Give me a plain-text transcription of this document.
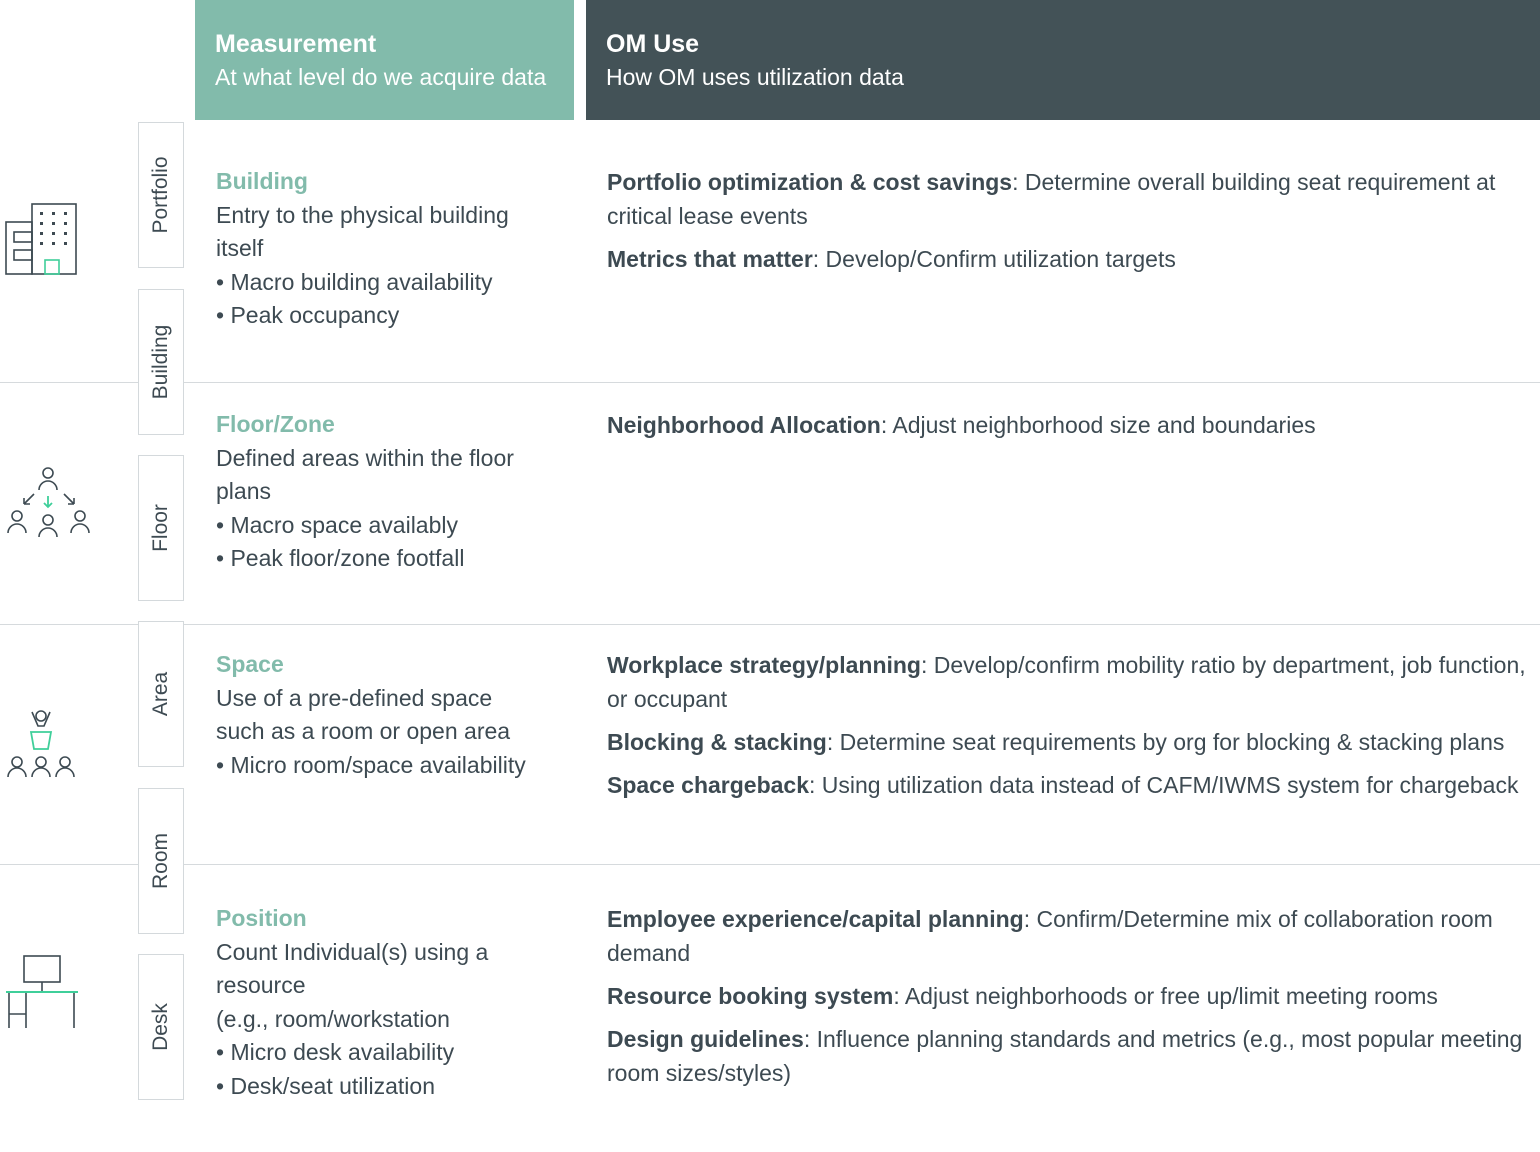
Measurement
At what level do we acquire data
OM Use
How OM uses utilization data
Portfolio
Building
Floor
Area
Room
Desk
Building
Entry to the physical building
itself
• Macro building availability
• Peak occupancy
Floor/Zone
Defined areas within the floor
plans
• Macro space availably
• Peak floor/zone footfall
Space
Use of a pre-defined space
such as a room or open area
• Micro room/space availability
Position
Count Individual(s) using a
resource
(e.g., room/workstation
• Micro desk availability
• Desk/seat utilization
Portfolio optimization & cost savings: Determine overall building seat requirement at critical lease events
Metrics that matter: Develop/Confirm utilization targets
Neighborhood Allocation: Adjust neighborhood size and boundaries
Workplace strategy/planning: Develop/confirm mobility ratio by department, job function, or occupant
Blocking & stacking: Determine seat requirements by org for blocking & stacking plans
Space chargeback: Using utilization data instead of CAFM/IWMS system for chargeback
Employee experience/capital planning: Confirm/Determine mix of collaboration room demand
Resource booking system: Adjust neighborhoods or free up/limit meeting rooms
Design guidelines: Influence planning standards and metrics (e.g., most popular meeting room sizes/styles)
